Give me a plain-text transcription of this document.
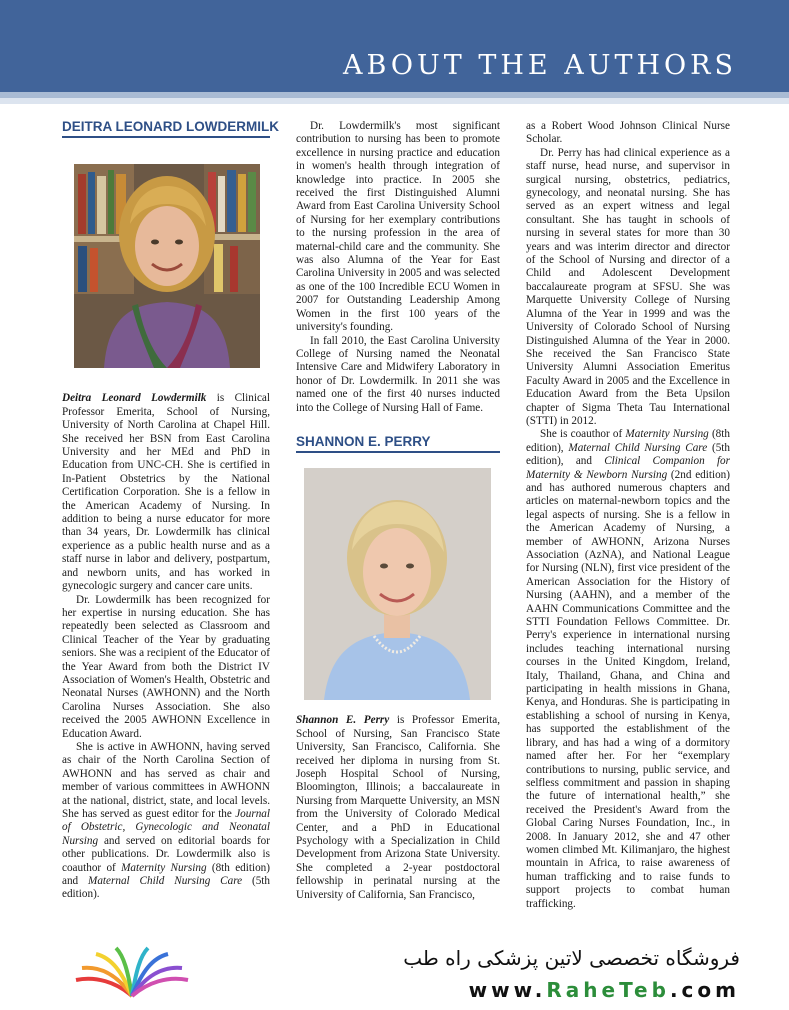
ABOUT THE AUTHORS
DEITRA LEONARD LOWDERMILK

Deitra Leonard Lowdermilk is Clinical Professor Emerita, School of Nursing, University of North Carolina at Chapel Hill. She received her BSN from East Carolina University and her MEd and PhD in Education from UNC-CH. She is certified in In-Patient Obstetrics by the National Certification Corporation. She is a fellow in the American Academy of Nursing. In addition to being a nurse educator for more than 34 years, Dr. Lowdermilk has clinical experience as a public health nurse and as a staff nurse in labor and delivery, postpartum, and newborn units, and has worked in gynecologic surgery and cancer care units.

Dr. Lowdermilk has been recognized for her expertise in nursing education. She has repeatedly been selected as Classroom and Clinical Teacher of the Year by graduating seniors. She was a recipient of the Educator of the Year Award from both the District IV Association of Women's Health, Obstetric and Neonatal Nurses (AWHONN) and the North Carolina Nurses Association. She also received the 2005 AWHONN Excellence in Education Award.

She is active in AWHONN, having served as chair of the North Carolina Section of AWHONN and has served as chair and member of various committees in AWHONN at the national, district, state, and local levels. She has served as guest editor for the Journal of Obstetric, Gynecologic and Neonatal Nursing and served on editorial boards for other publications. Dr. Lowdermilk also is coauthor of Maternity Nursing (8th edition) and Maternal Child Nursing Care (5th edition).

Dr. Lowdermilk's most significant contribution to nursing has been to promote excellence in nursing practice and education in women's health through integration of knowledge into practice. In 2005 she received the first Distinguished Alumni Award from East Carolina University School of Nursing for her exemplary contributions to the nursing profession in the area of maternal-child care and the community. She was also Alumna of the Year for East Carolina University in 2005 and was selected as one of the 100 Incredible ECU Women in 2007 for Outstanding Leadership Among Women in the first 100 years of the university's founding.

In fall 2010, the East Carolina University College of Nursing named the Neonatal Intensive Care and Midwifery Laboratory in honor of Dr. Lowdermilk. In 2011 she was named one of the first 40 nurses inducted into the College of Nursing Hall of Fame.

SHANNON E. PERRY

Shannon E. Perry is Professor Emerita, School of Nursing, San Francisco State University, San Francisco, California. She received her diploma in nursing from St. Joseph Hospital School of Nursing, Bloomington, Illinois; a baccalaureate in Nursing from Marquette University, an MSN from the University of Colorado Medical Center, and a PhD in Educational Psychology with a Specialization in Child Development from Arizona State University. She completed a 2-year postdoctoral fellowship in perinatal nursing at the University of California, San Francisco,

as a Robert Wood Johnson Clinical Nurse Scholar.

Dr. Perry has had clinical experience as a staff nurse, head nurse, and supervisor in surgical nursing, obstetrics, pediatrics, gynecology, and neonatal nursing. She has served as an expert witness and legal consultant. She has taught in schools of nursing in several states for more than 30 years and was interim director and director of the School of Nursing and director of a Child and Adolescent Development baccalaureate program at SFSU. She was Marquette University College of Nursing Alumna of the Year in 1999 and was the University of Colorado School of Nursing Distinguished Alumna of the Year in 2000. She received the San Francisco State University Alumni Association Emeritus Faculty Award in 2005 and the Excellence in Education Award from the Beta Upsilon chapter of Sigma Theta Tau International (STTI) in 2012.

She is coauthor of Maternity Nursing (8th edition), Maternal Child Nursing Care (5th edition), and Clinical Companion for Maternity & Newborn Nursing (2nd edition) and has authored numerous chapters and articles on maternal-newborn topics and the legal aspects of nursing. She is a fellow in the American Academy of Nursing, a member of AWHONN, Arizona Nurses Association (AzNA), and National League for Nursing (NLN), first vice president of the American Association for the History of Nursing (AAHN), and a member of the AAHN Communications Committee and the STTI Foundation Fellows Committee. Dr. Perry's experience in international nursing includes teaching international nursing courses in the United Kingdom, Ireland, Italy, Thailand, Ghana, and China and participating in health missions in Ghana, Kenya, and Honduras. She is participating in establishing a school of nursing in Kenya, has supported the establishment of the library, and has had a wing of a dormitory named after her. For her “exemplary contributions to nursing, public service, and selfless commitment and passion in shaping the future of international health,” she received the President's Award from the Global Caring Nurses Foundation, Inc., in 2008. In January 2012, she and 47 other women climbed Mt. Kilimanjaro, the highest mountain in Africa, to raise awareness of human trafficking and to raise funds to support projects to combat human trafficking.

فروشگاه تخصصی لاتین پزشکی راه طب
www.RaheTeb.com
